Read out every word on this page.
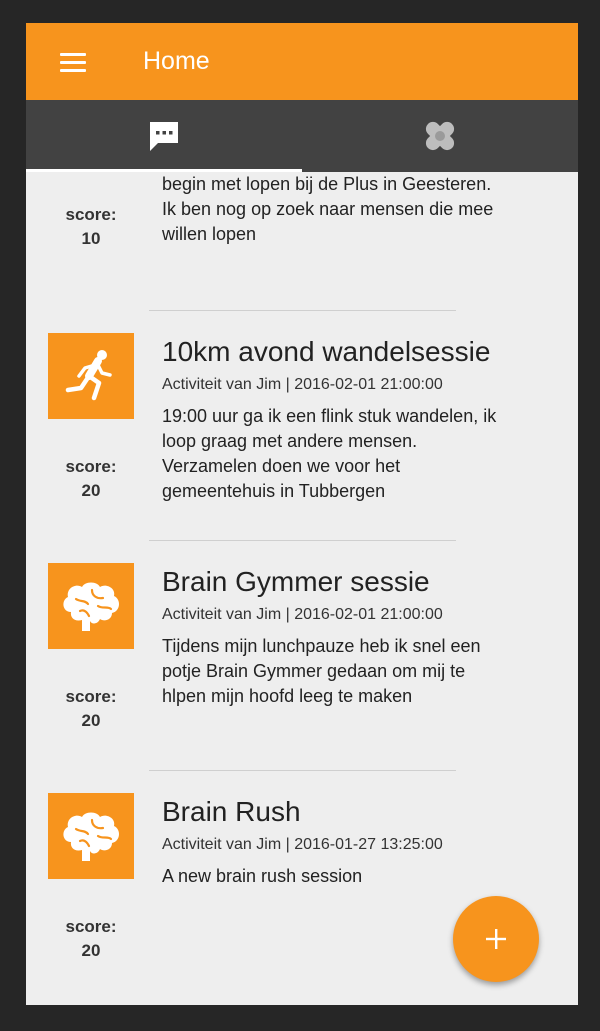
Home
begin met lopen bij de Plus in Geesteren.
Ik ben nog op zoek naar mensen die mee
willen lopen
score:
10
10km avond wandelsessie
Activiteit van Jim | 2016-02-01 21:00:00
19:00 uur ga ik een flink stuk wandelen, ik
loop graag met andere mensen.
Verzamelen doen we voor het
gemeentehuis in Tubbergen
score:
20
Brain Gymmer sessie
Activiteit van Jim | 2016-02-01 21:00:00
Tijdens mijn lunchpauze heb ik snel een
potje Brain Gymmer gedaan om mij te
hlpen mijn hoofd leeg te maken
score:
20
Brain Rush
Activiteit van Jim | 2016-01-27 13:25:00
A new brain rush session
score:
20
